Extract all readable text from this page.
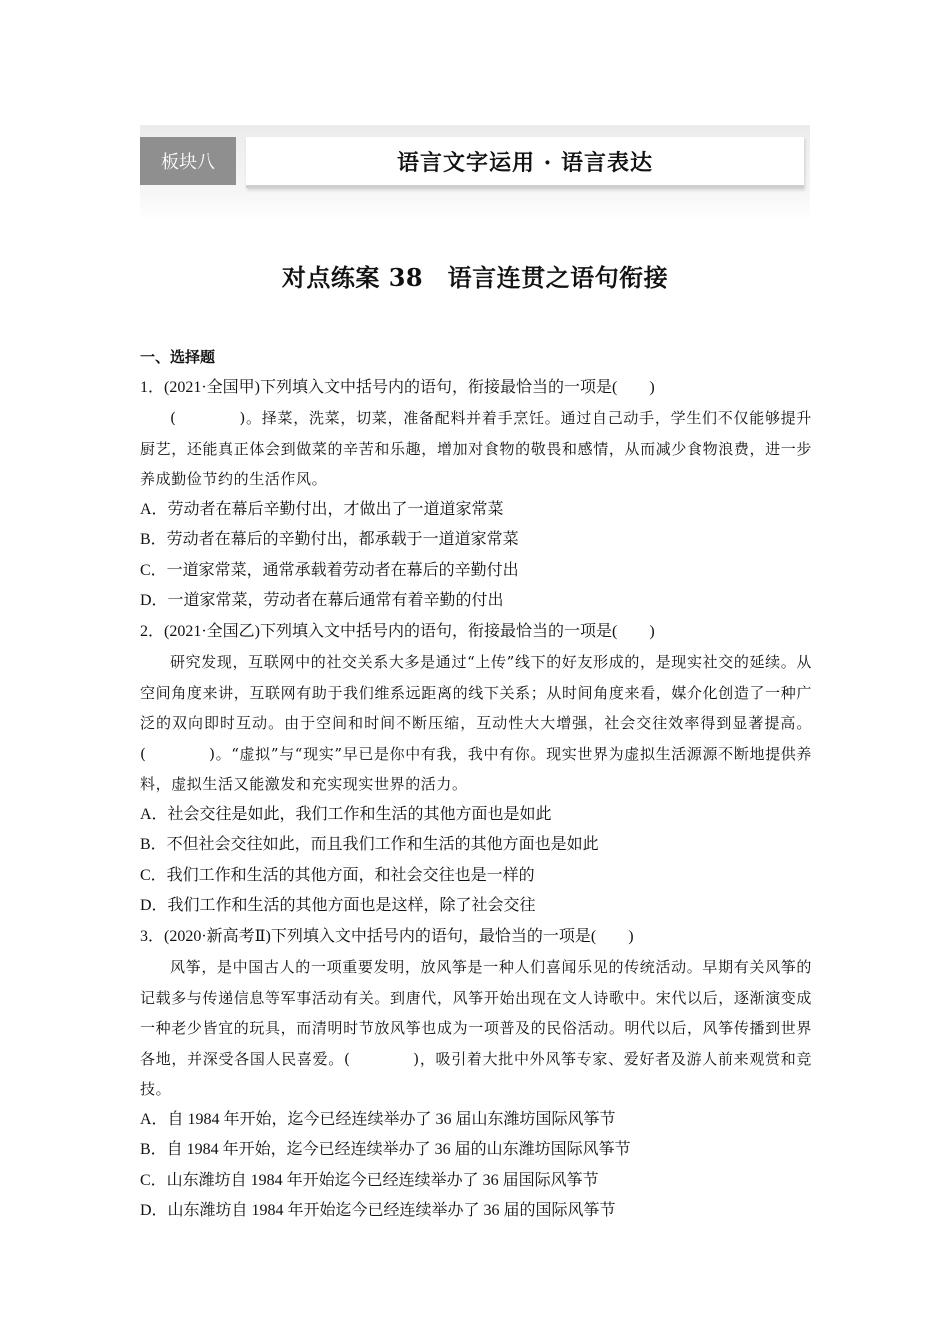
板块八	语言文字运用 · 语言表达
对点练案 38　语言连贯之语句衔接
一、选择题
1．(2021·全国甲)下列填入文中括号内的语句，衔接最恰当的一项是(　　)

(　　　　)。择菜，洗菜，切菜，准备配料并着手烹饪。通过自己动手，学生们不仅能够提升厨艺，还能真正体会到做菜的辛苦和乐趣，增加对食物的敬畏和感情，从而减少食物浪费，进一步养成勤俭节约的生活作风。

A．劳动者在幕后辛勤付出，才做出了一道道家常菜
B．劳动者在幕后的辛勤付出，都承载于一道道家常菜
C．一道家常菜，通常承载着劳动者在幕后的辛勤付出
D．一道家常菜，劳动者在幕后通常有着辛勤的付出
2．(2021·全国乙)下列填入文中括号内的语句，衔接最恰当的一项是(　　)

研究发现，互联网中的社交关系大多是通过“上传”线下的好友形成的，是现实社交的延续。从空间角度来讲，互联网有助于我们维系远距离的线下关系；从时间角度来看，媒介化创造了一种广泛的双向即时互动。由于空间和时间不断压缩，互动性大大增强，社会交往效率得到显著提高。(　　　　)。“虚拟”与“现实”早已是你中有我，我中有你。现实世界为虚拟生活源源不断地提供养料，虚拟生活又能激发和充实现实世界的活力。

A．社会交往是如此，我们工作和生活的其他方面也是如此
B．不但社会交往如此，而且我们工作和生活的其他方面也是如此
C．我们工作和生活的其他方面，和社会交往也是一样的
D．我们工作和生活的其他方面也是这样，除了社会交往
3．(2020·新高考Ⅱ)下列填入文中括号内的语句，最恰当的一项是(　　)

风筝，是中国古人的一项重要发明，放风筝是一种人们喜闻乐见的传统活动。早期有关风筝的记载多与传递信息等军事活动有关。到唐代，风筝开始出现在文人诗歌中。宋代以后，逐渐演变成一种老少皆宜的玩具，而清明时节放风筝也成为一项普及的民俗活动。明代以后，风筝传播到世界各地，并深受各国人民喜爱。(　　　　)，吸引着大批中外风筝专家、爱好者及游人前来观赏和竞技。

A．自 1984 年开始，迄今已经连续举办了 36 届山东潍坊国际风筝节
B．自 1984 年开始，迄今已经连续举办了 36 届的山东潍坊国际风筝节
C．山东潍坊自 1984 年开始迄今已经连续举办了 36 届国际风筝节
D．山东潍坊自 1984 年开始迄今已经连续举办了 36 届的国际风筝节
